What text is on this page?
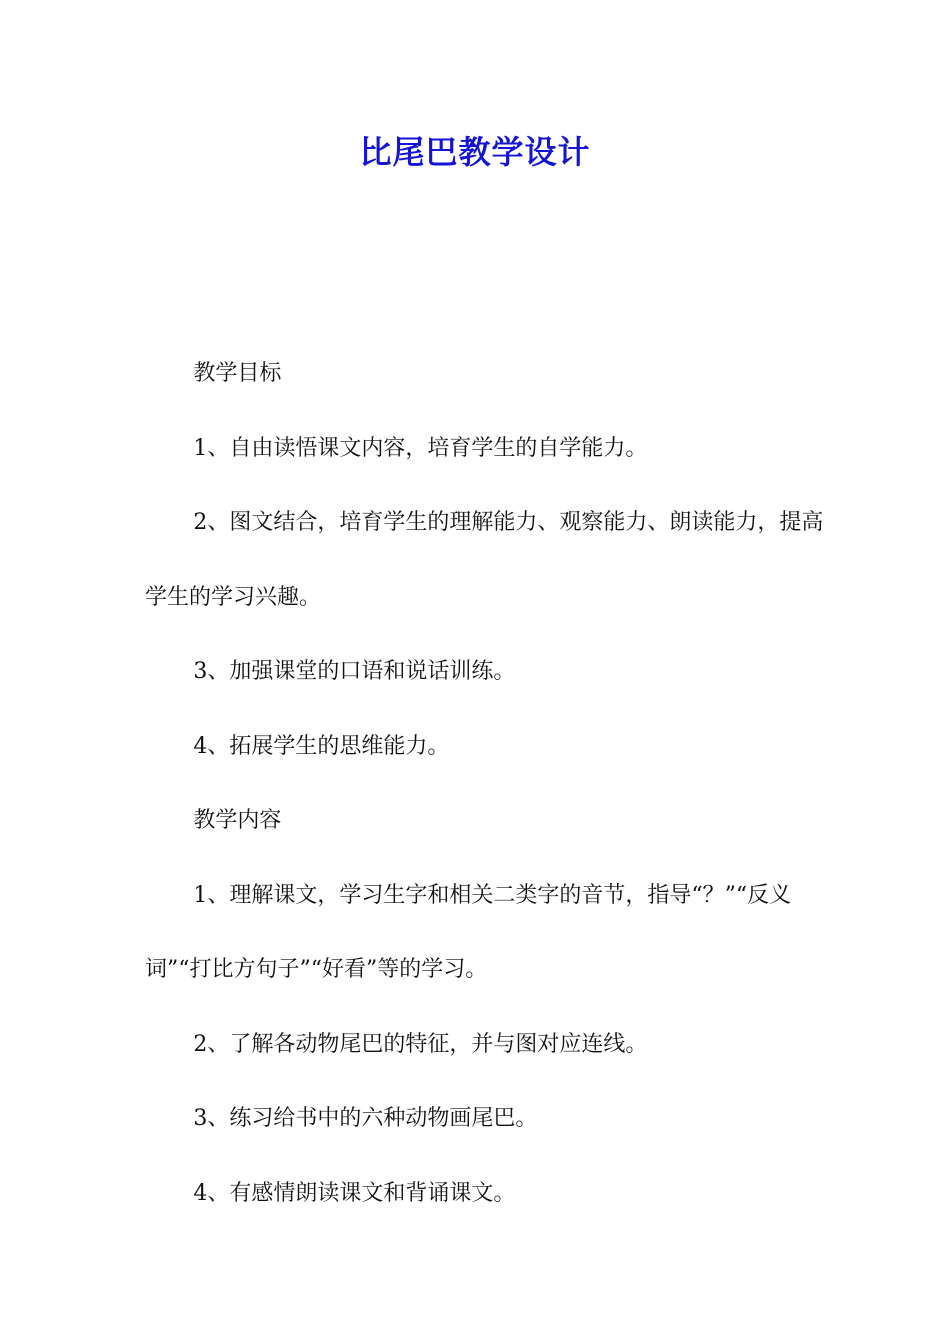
比尾巴教学设计

教学目标

1、自由读悟课文内容，培育学生的自学能力。

2、图文结合，培育学生的理解能力、观察能力、朗读能力，提高学生的学习兴趣。

3、加强课堂的口语和说话训练。

4、拓展学生的思维能力。

教学内容

1、理解课文，学习生字和相关二类字的音节，指导“？”“反义词”“打比方句子”“好看”等的学习。

2、了解各动物尾巴的特征，并与图对应连线。

3、练习给书中的六种动物画尾巴。

4、有感情朗读课文和背诵课文。
